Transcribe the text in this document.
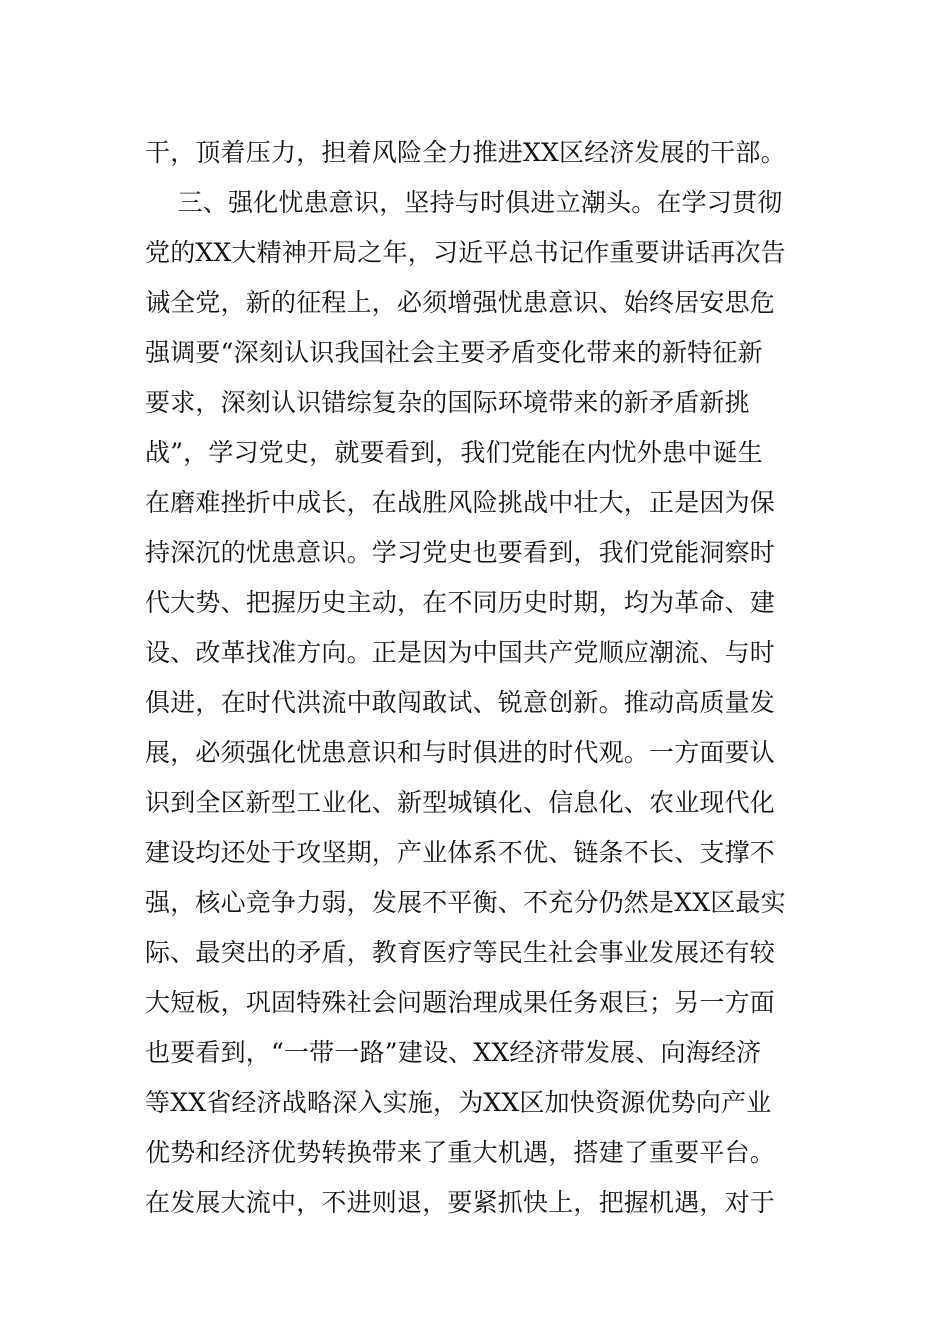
干，顶着压力，担着风险全力推进XX区经济发展的干部。
三、强化忧患意识，坚持与时俱进立潮头。在学习贯彻
党的XX大精神开局之年，习近平总书记作重要讲话再次告
诫全党，新的征程上，必须增强忧患意识、始终居安思危
强调要“深刻认识我国社会主要矛盾变化带来的新特征新
要求，深刻认识错综复杂的国际环境带来的新矛盾新挑
战”，学习党史，就要看到，我们党能在内忧外患中诞生
在磨难挫折中成长，在战胜风险挑战中壮大，正是因为保
持深沉的忧患意识。学习党史也要看到，我们党能洞察时
代大势、把握历史主动，在不同历史时期，均为革命、建
设、改革找准方向。正是因为中国共产党顺应潮流、与时
俱进，在时代洪流中敢闯敢试、锐意创新。推动高质量发
展，必须强化忧患意识和与时俱进的时代观。一方面要认
识到全区新型工业化、新型城镇化、信息化、农业现代化
建设均还处于攻坚期，产业体系不优、链条不长、支撑不
强，核心竞争力弱，发展不平衡、不充分仍然是XX区最实
际、最突出的矛盾，教育医疗等民生社会事业发展还有较
大短板，巩固特殊社会问题治理成果任务艰巨；另一方面
也要看到，“一带一路”建设、XX经济带发展、向海经济
等XX省经济战略深入实施，为XX区加快资源优势向产业
优势和经济优势转换带来了重大机遇，搭建了重要平台。
在发展大流中，不进则退，要紧抓快上，把握机遇，对于
